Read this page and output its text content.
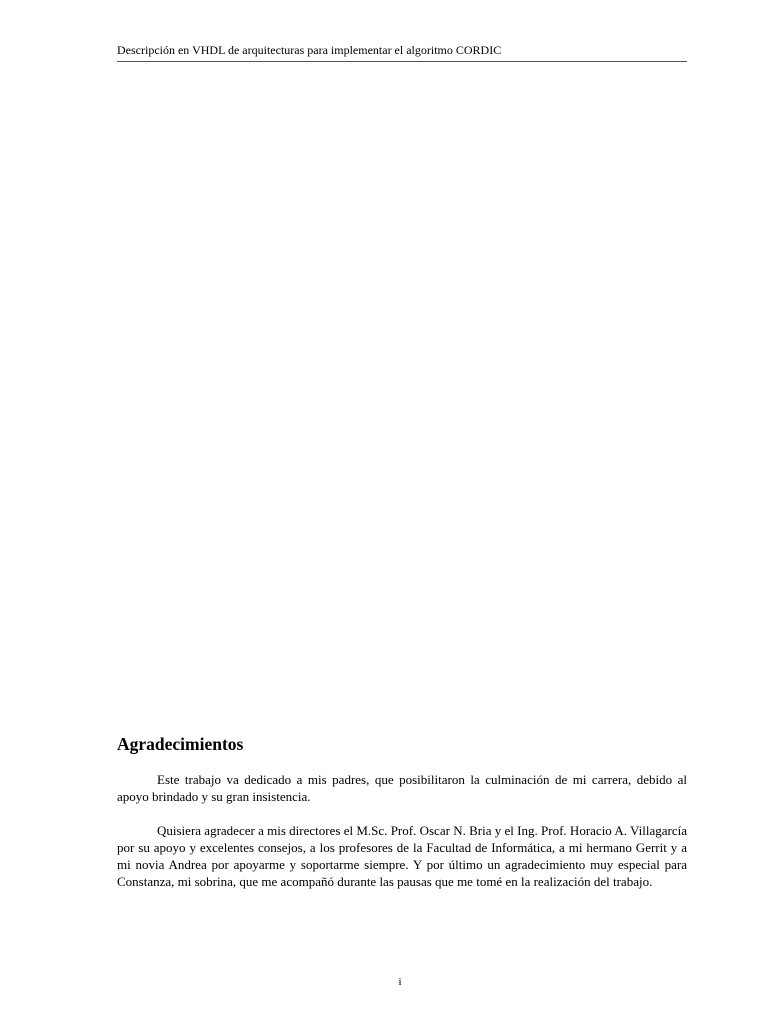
Descripción en VHDL de arquitecturas para implementar el algoritmo CORDIC
Agradecimientos

Este trabajo va dedicado a mis padres, que posibilitaron la culminación de mi carrera, debido al apoyo brindado y su gran insistencia.

Quisiera agradecer a mis directores el M.Sc. Prof. Oscar N. Bria y el Ing. Prof. Horacio A. Villagarcía por su apoyo y excelentes consejos, a los profesores de la Facultad de Informática, a mi hermano Gerrit y a mi novia Andrea por apoyarme y soportarme siempre. Y por último un agradecimiento muy especial para Constanza, mi sobrina, que me acompañó durante las pausas que me tomé en la realización del trabajo.

i
